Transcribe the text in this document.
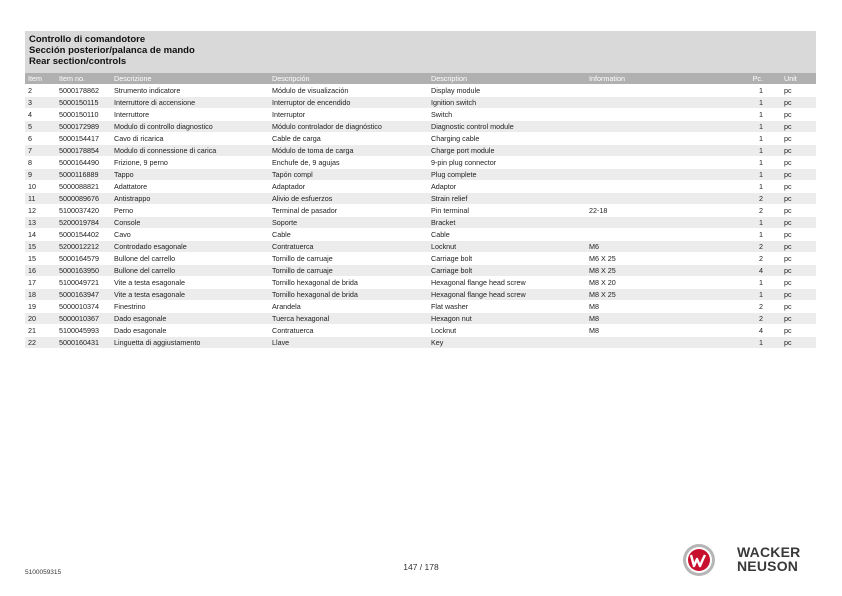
Controllo di comandotore
Sección posterior/palanca de mando
Rear section/controls
Item	Item no.	Descrizione	Descripción	Description	Information	Pc.	Unit
2	5000178862	Strumento indicatore	Módulo de visualización	Display module		1	pc
3	5000150115	Interruttore di accensione	Interruptor de encendido	Ignition switch		1	pc
4	5000150110	Interruttore	Interruptor	Switch		1	pc
5	5000172989	Modulo di controllo diagnostico	Módulo controlador de diagnóstico	Diagnostic control module		1	pc
6	5000154417	Cavo di ricarica	Cable de carga	Charging cable		1	pc
7	5000178854	Modulo di connessione di carica	Módulo de toma de carga	Charge port module		1	pc
8	5000164490	Frizione, 9 perno	Enchufe de, 9 agujas	9-pin plug connector		1	pc
9	5000116889	Tappo	Tapón compl	Plug complete		1	pc
10	5000088821	Adattatore	Adaptador	Adaptor		1	pc
11	5000089676	Antistrappo	Alivio de esfuerzos	Strain relief		2	pc
12	5100037420	Perno	Terminal de pasador	Pin terminal	22-18	2	pc
13	5200019784	Console	Soporte	Bracket		1	pc
14	5000154402	Cavo	Cable	Cable		1	pc
15	5200012212	Controdado esagonale	Contratuerca	Locknut	M6	2	pc
15	5000164579	Bullone del carrello	Tornillo de carruaje	Carriage bolt	M6 X 25	2	pc
16	5000163950	Bullone del carrello	Tornillo de carruaje	Carriage bolt	M8 X 25	4	pc
17	5100049721	Vite a testa esagonale	Tornillo hexagonal de brida	Hexagonal flange head screw	M8 X 20	1	pc
18	5000163947	Vite a testa esagonale	Tornillo hexagonal de brida	Hexagonal flange head screw	M8 X 25	1	pc
19	5000010374	Finestrino	Arandela	Flat washer	M8	2	pc
20	5000010367	Dado esagonale	Tuerca hexagonal	Hexagon nut	M8	2	pc
21	5100045993	Dado esagonale	Contratuerca	Locknut	M8	4	pc
22	5000160431	Linguetta di aggiustamento	Llave	Key		1	pc
5100059315
147 / 178
WACKER
NEUSON
